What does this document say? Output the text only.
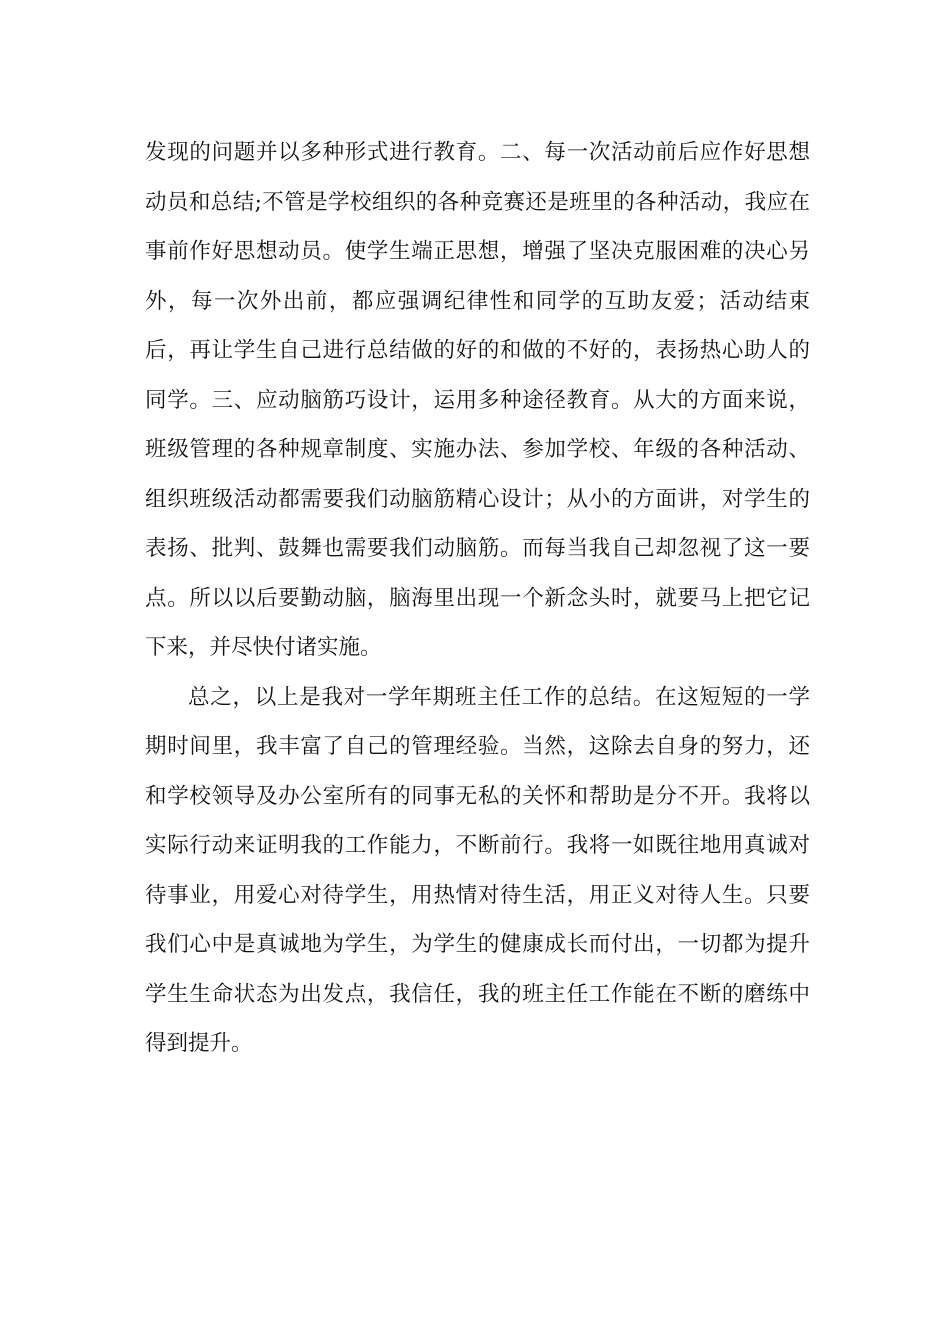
发现的问题并以多种形式进行教育。二、每一次活动前后应作好思想动员和总结;不管是学校组织的各种竞赛还是班里的各种活动，我应在事前作好思想动员。使学生端正思想，增强了坚决克服困难的决心另外，每一次外出前，都应强调纪律性和同学的互助友爱；活动结束后，再让学生自己进行总结做的好的和做的不好的，表扬热心助人的同学。三、应动脑筋巧设计，运用多种途径教育。从大的方面来说，班级管理的各种规章制度、实施办法、参加学校、年级的各种活动、组织班级活动都需要我们动脑筋精心设计；从小的方面讲，对学生的表扬、批判、鼓舞也需要我们动脑筋。而每当我自己却忽视了这一要点。所以以后要勤动脑，脑海里出现一个新念头时，就要马上把它记下来，并尽快付诸实施。

总之，以上是我对一学年期班主任工作的总结。在这短短的一学期时间里，我丰富了自己的管理经验。当然，这除去自身的努力，还和学校领导及办公室所有的同事无私的关怀和帮助是分不开。我将以实际行动来证明我的工作能力，不断前行。我将一如既往地用真诚对待事业，用爱心对待学生，用热情对待生活，用正义对待人生。只要我们心中是真诚地为学生，为学生的健康成长而付出，一切都为提升学生生命状态为出发点，我信任，我的班主任工作能在不断的磨练中得到提升。
